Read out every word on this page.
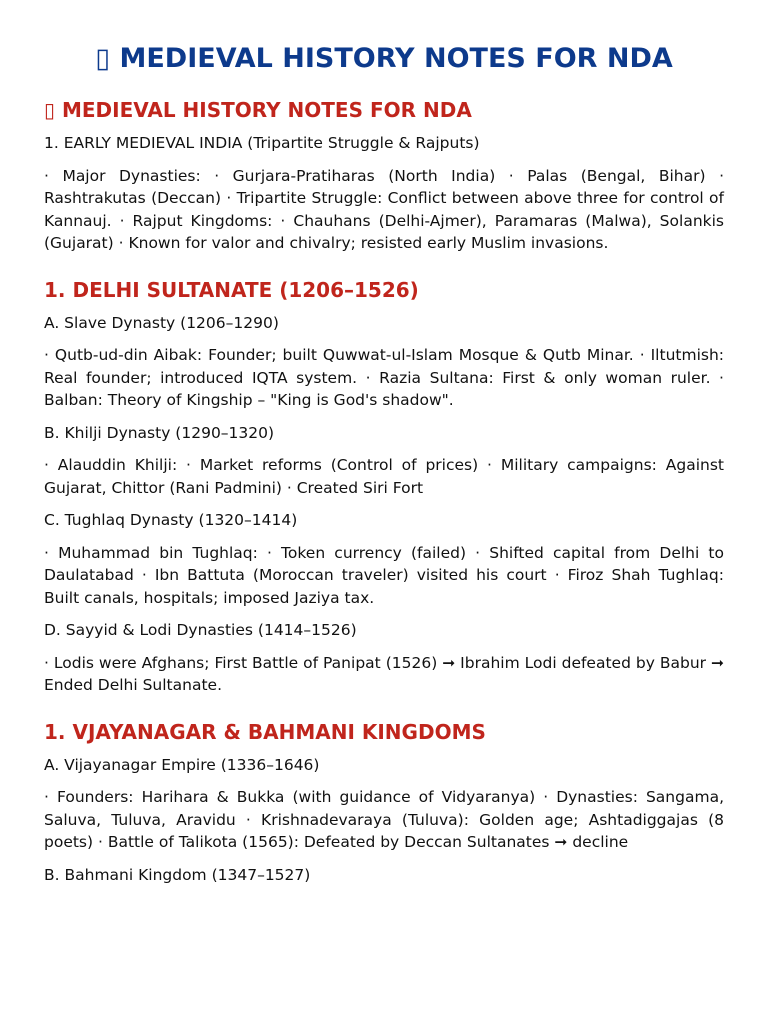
▯ MEDIEVAL HISTORY NOTES FOR NDA
▯ MEDIEVAL HISTORY NOTES FOR NDA

1. EARLY MEDIEVAL INDIA (Tripartite Struggle & Rajputs)

· Major Dynasties: · Gurjara-Pratiharas (North India) · Palas (Bengal, Bihar) · Rashtrakutas (Deccan) · Tripartite Struggle: Conflict between above three for control of Kannauj. · Rajput Kingdoms: · Chauhans (Delhi-Ajmer), Paramaras (Malwa), Solankis (Gujarat) · Known for valor and chivalry; resisted early Muslim invasions.

1. DELHI SULTANATE (1206–1526)

A. Slave Dynasty (1206–1290)

· Qutb-ud-din Aibak: Founder; built Quwwat-ul-Islam Mosque & Qutb Minar. · Iltutmish: Real founder; introduced IQTA system. · Razia Sultana: First & only woman ruler. · Balban: Theory of Kingship – "King is God's shadow".

B. Khilji Dynasty (1290–1320)

· Alauddin Khilji: · Market reforms (Control of prices) · Military campaigns: Against Gujarat, Chittor (Rani Padmini) · Created Siri Fort

C. Tughlaq Dynasty (1320–1414)

· Muhammad bin Tughlaq: · Token currency (failed) · Shifted capital from Delhi to Daulatabad · Ibn Battuta (Moroccan traveler) visited his court · Firoz Shah Tughlaq: Built canals, hospitals; imposed Jaziya tax.

D. Sayyid & Lodi Dynasties (1414–1526)

· Lodis were Afghans; First Battle of Panipat (1526) ➞ Ibrahim Lodi defeated by Babur ➞ Ended Delhi Sultanate.

1. VJAYANAGAR & BAHMANI KINGDOMS

A. Vijayanagar Empire (1336–1646)

· Founders: Harihara & Bukka (with guidance of Vidyaranya) · Dynasties: Sangama, Saluva, Tuluva, Aravidu · Krishnadevaraya (Tuluva): Golden age; Ashtadiggajas (8 poets) · Battle of Talikota (1565): Defeated by Deccan Sultanates ➞ decline

B. Bahmani Kingdom (1347–1527)
